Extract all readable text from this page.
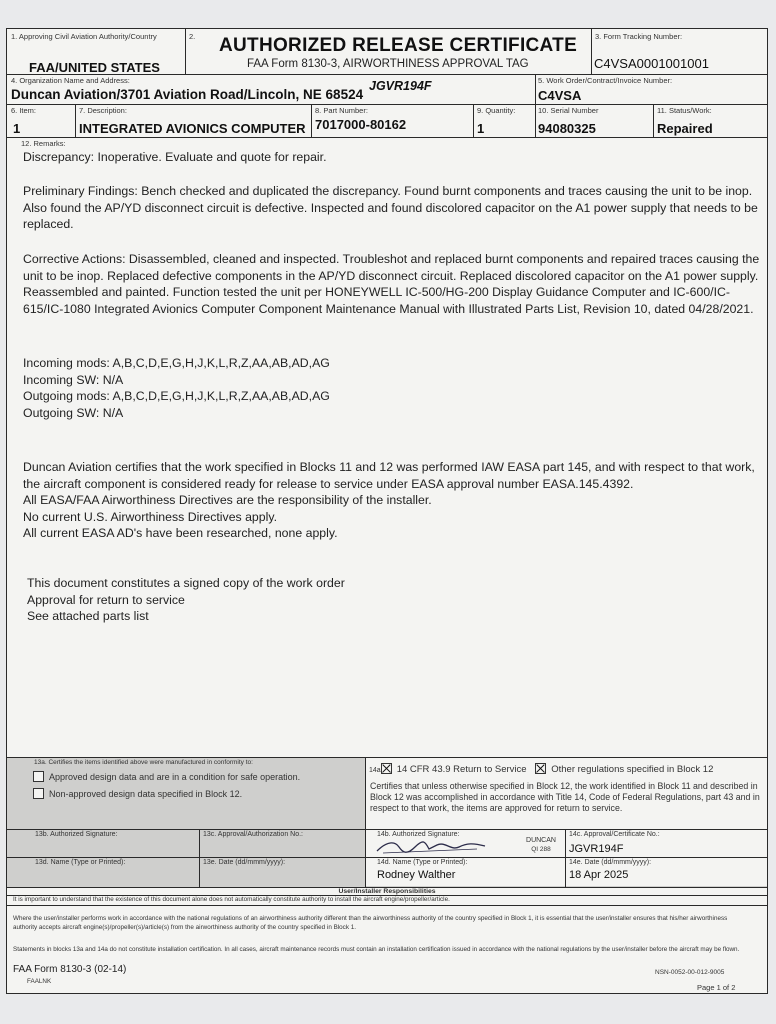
1. Approving Civil Aviation Authority/Country
FAA/UNITED STATES
2. AUTHORIZED RELEASE CERTIFICATE
FAA Form 8130-3, AIRWORTHINESS APPROVAL TAG
3. Form Tracking Number:
C4VSA0001001001
4. Organization Name and Address:
Duncan Aviation/3701 Aviation Road/Lincoln, NE 68524
JGVR194F	5. Work Order/Contract/Invoice Number:
C4VSA
6. Item:
1
7. Description:
INTEGRATED AVIONICS COMPUTER
8. Part Number:
7017000-80162
9. Quantity:
1
10. Serial Number
94080325
11. Status/Work:
Repaired
12. Remarks:
Discrepancy: Inoperative. Evaluate and quote for repair.
Preliminary Findings: Bench checked and duplicated the discrepancy. Found burnt components and traces causing the unit to be inop. Also found the AP/YD disconnect circuit is defective. Inspected and found discolored capacitor on the A1 power supply that needs to be replaced.
Corrective Actions: Disassembled, cleaned and inspected. Troubleshot and replaced burnt components and repaired traces causing the unit to be inop. Replaced defective components in the AP/YD disconnect circuit. Replaced discolored capacitor on the A1 power supply. Reassembled and painted. Function tested the unit per HONEYWELL IC-500/HG-200 Display Guidance Computer and IC-600/IC-615/IC-1080 Integrated Avionics Computer Component Maintenance Manual with Illustrated Parts List, Revision 10, dated 04/28/2021.

Incoming mods: A,B,C,D,E,G,H,J,K,L,R,Z,AA,AB,AD,AG

Incoming SW: N/A

Outgoing mods: A,B,C,D,E,G,H,J,K,L,R,Z,AA,AB,AD,AG

Outgoing SW: N/A

Duncan Aviation certifies that the work specified in Blocks 11 and 12 was performed IAW EASA part 145, and with respect to that work, the aircraft component is considered ready for release to service under EASA approval number EASA.145.4392.

All EASA/FAA Airworthiness Directives are the responsibility of the installer.

No current U.S. Airworthiness Directives apply.

All current EASA AD's have been researched, none apply.

This document constitutes a signed copy of the work order

Approval for return to service

See attached parts list

13a. Certifies the items identified above were manufactured in conformity to:
Approved design data and are in a condition for safe operation.
Non-approved design data specified in Block 12.
13b. Authorized Signature:	13c. Approval/Authorization No.:
13d. Name (Type or Printed):	13e. Date (dd/mmm/yyyy):
14a 14 CFR 43.9 Return to Service	Other regulations specified in Block 12
Certifies that unless otherwise specified in Block 12, the work identified in Block 11 and described in Block 12 was accomplished in accordance with Title 14, Code of Federal Regulations, part 43 and in respect to that work, the items are approved for return to service.
14b. Authorized Signature:
DUNCAN
QI 288
14c. Approval/Certificate No.:
JGVR194F
14d. Name (Type or Printed):
Rodney Walther
14e. Date (dd/mmm/yyyy):
18 Apr 2025
User/Installer Responsibilities
It is important to understand that the existence of this document alone does not automatically constitute authority to install the aircraft engine/propeller/article.
Where the user/installer performs work in accordance with the national regulations of an airworthiness authority different than the airworthiness authority of the country specified in Block 1, it is essential that the user/installer ensures that his/her airworthiness authority accepts aircraft engine(s)/propeller(s)/article(s) from the airworthiness authority of the country specified in Block 1.
Statements in blocks 13a and 14a do not constitute installation certification. In all cases, aircraft maintenance records must contain an installation certification issued in accordance with the national regulations by the user/installer before the aircraft may be flown.
FAA Form 8130-3 (02-14)	NSN-0052-00-012-9005
FAALNK
Page 1 of 2
